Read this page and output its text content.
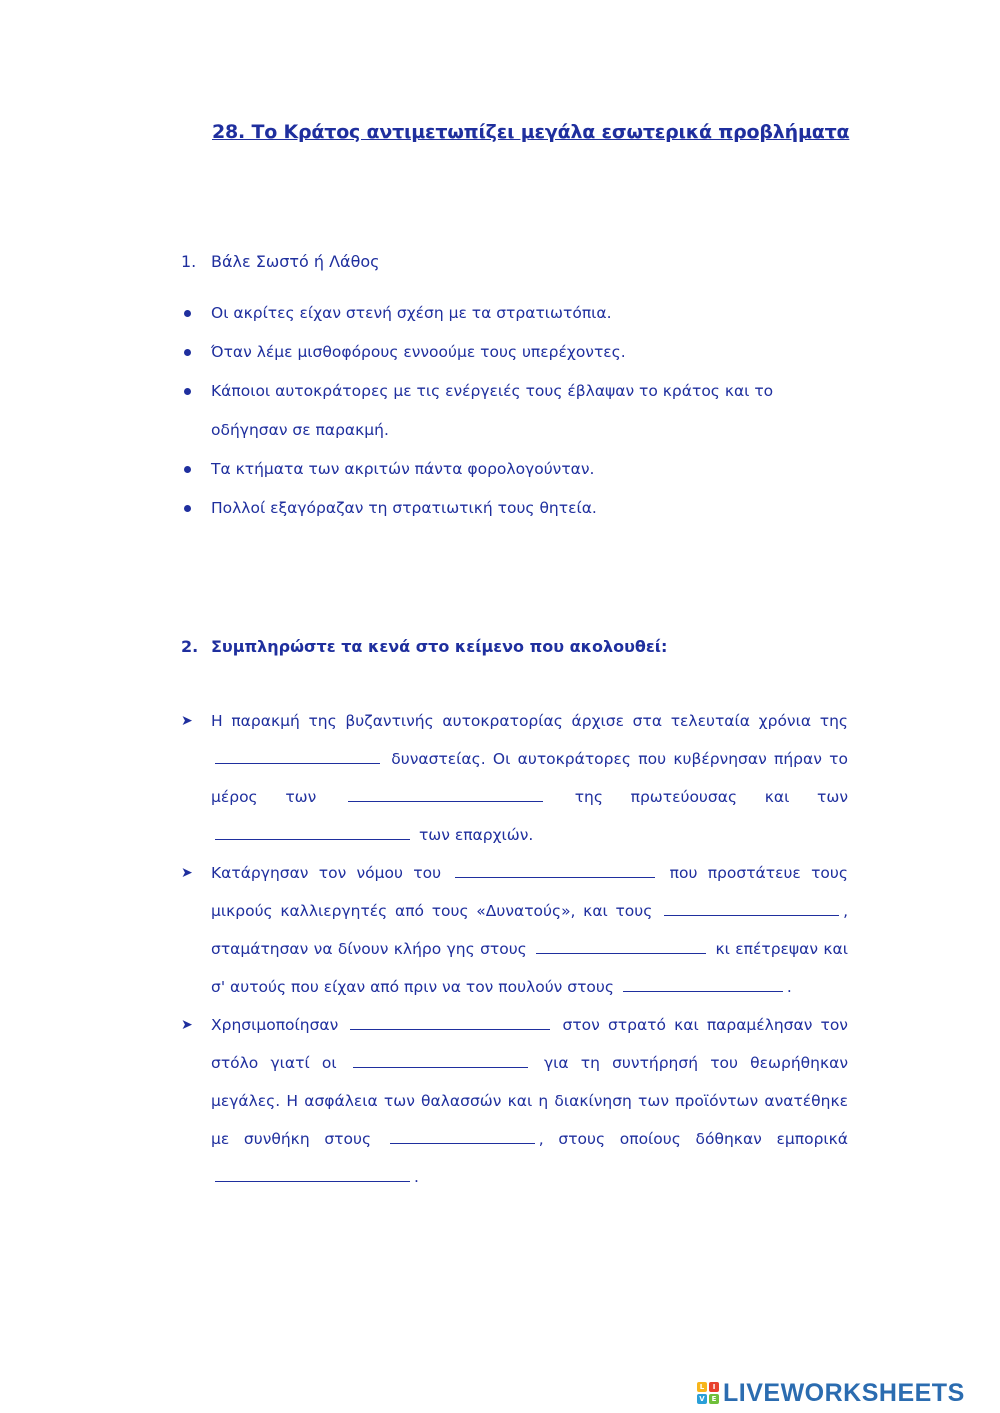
28. Το Κράτος αντιμετωπίζει μεγάλα εσωτερικά προβλήματα
1. Βάλε Σωστό ή Λάθος
Οι ακρίτες είχαν στενή σχέση με τα στρατιωτόπια.
Όταν λέμε μισθοφόρους εννοούμε τους υπερέχοντες.
Κάποιοι αυτοκράτορες με τις ενέργειές τους έβλαψαν το κράτος και το οδήγησαν σε παρακμή.
Τα κτήματα των ακριτών πάντα φορολογούνταν.
Πολλοί εξαγόραζαν τη στρατιωτική τους θητεία.
2. Συμπληρώστε τα κενά στο κείμενο που ακολουθεί:
➤ Η παρακμή της βυζαντινής αυτοκρατορίας άρχισε στα τελευταία χρόνια της  δυναστείας. Οι αυτοκράτορες που κυβέρνησαν πήραν το μέρος των	της πρωτεύουσας και των  των επαρχιών.
➤ Κατάργησαν τον νόμου του	που προστάτευε τους μικρούς καλλιεργητές από τους «Δυνατούς», και τους	, σταμάτησαν να δίνουν κλήρο γης στους	κι επέτρεψαν και σ' αυτούς που είχαν από πριν να τον πουλούν στους	.
➤ Χρησιμοποίησαν	στον στρατό και παραμέλησαν τον στόλο γιατί οι	για τη συντήρησή του θεωρήθηκαν μεγάλες. Η ασφάλεια των θαλασσών και η διακίνηση των προϊόντων ανατέθηκε με συνθήκη στους	, στους οποίους δόθηκαν εμπορικά .
L	I
V E LIVEWORKSHEETS
